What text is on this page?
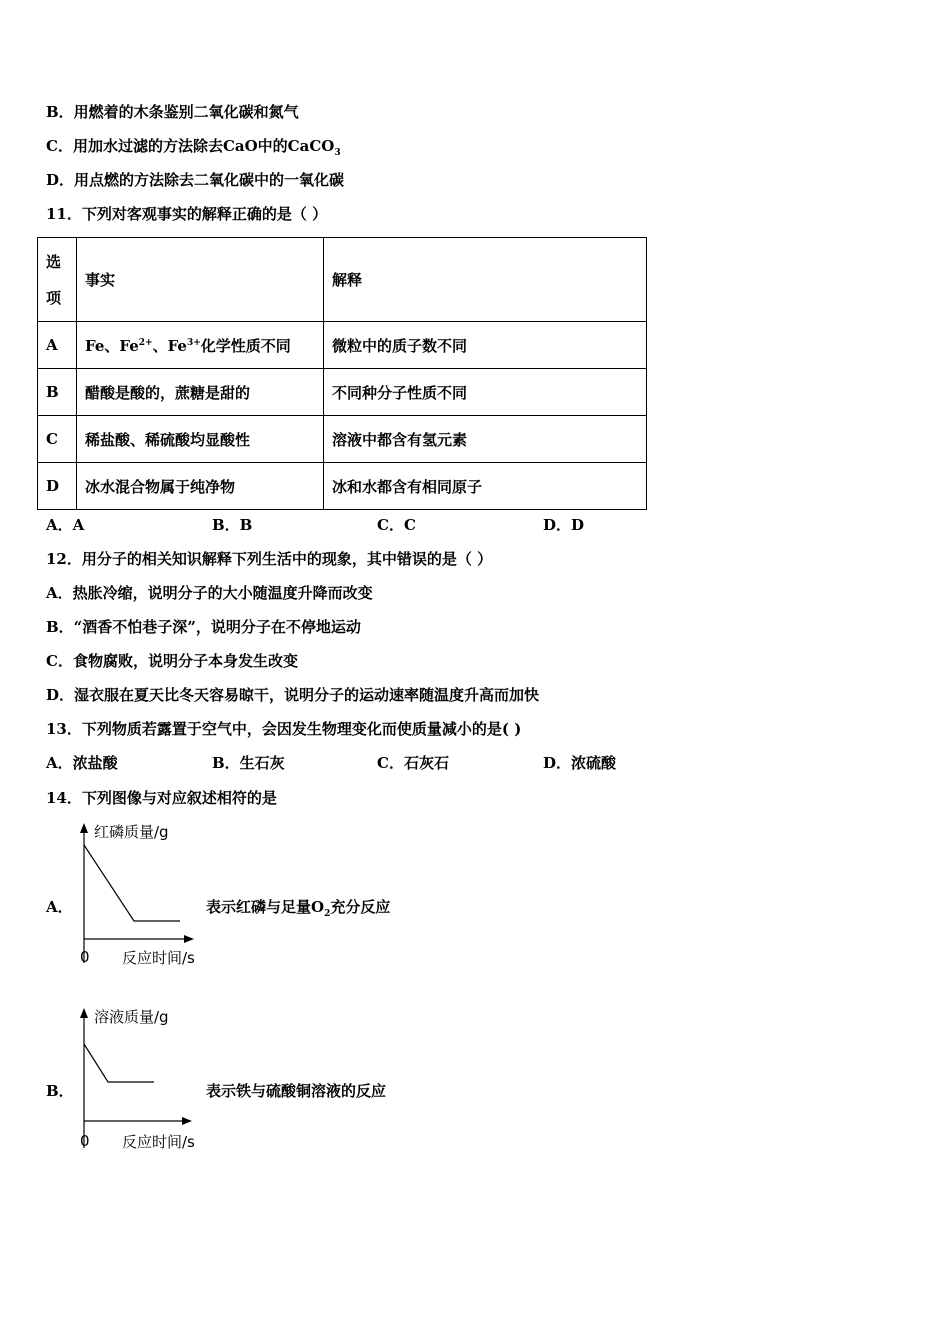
B．用燃着的木条鉴别二氧化碳和氮气
C．用加水过滤的方法除去CaO中的CaCO$_3$
D．用点燃的方法除去二氧化碳中的一氧化碳
11．下列对客观事实的解释正确的是（ ）
选
项	事实	解释
A	Fe、$Fe^{2+}$、$Fe^{3+}$化学性质不同	微粒中的质子数不同
B	醋酸是酸的，蔗糖是甜的	不同种分子性质不同
C	稀盐酸、稀硫酸均显酸性	溶液中都含有氢元素
D	冰水混合物属于纯净物	冰和水都含有相同原子
A．A	B．B	C．C	D．D
12．用分子的相关知识解释下列生活中的现象，其中错误的是（ ）
A．热胀冷缩，说明分子的大小随温度升降而改变
B．“酒香不怕巷子深”，说明分子在不停地运动
C．食物腐败，说明分子本身发生改变
D．湿衣服在夏天比冬天容易晾干，说明分子的运动速率随温度升高而加快
13．下列物质若露置于空气中，会因发生物理变化而使质量减小的是( )
A．浓盐酸	B．生石灰	C．石灰石	D．浓硫酸
14．下列图像与对应叙述相符的是
A．
红磷质量/g
0 反应时间/s
表示红磷与足量$O_2$充分反应
B．
溶液质量/g
0 反应时间/s
表示铁与硫酸铜溶液的反应
